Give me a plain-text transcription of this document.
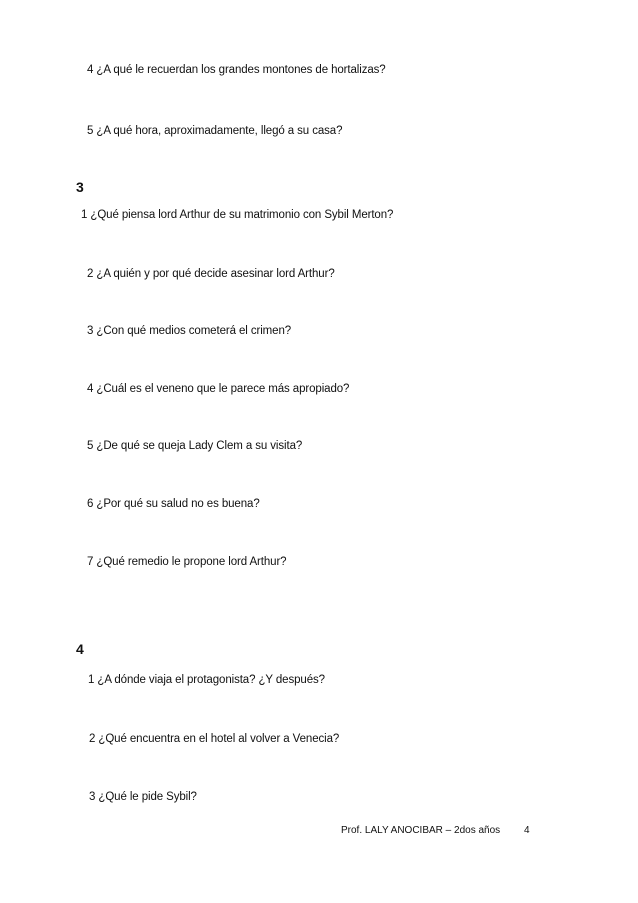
4 ¿A qué le recuerdan los grandes montones de hortalizas?
5 ¿A qué hora, aproximadamente, llegó a su casa?
3
1 ¿Qué piensa lord Arthur de su matrimonio con Sybil Merton?
2 ¿A quién y por qué decide asesinar lord Arthur?
3 ¿Con qué medios cometerá el crimen?
4 ¿Cuál es el veneno que le parece más apropiado?
5 ¿De qué se queja Lady Clem a su visita?
6 ¿Por qué su salud no es buena?
7 ¿Qué remedio le propone lord Arthur?
4
1 ¿A dónde viaja el protagonista? ¿Y después?
2 ¿Qué encuentra en el hotel al volver a Venecia?
3 ¿Qué le pide Sybil?
Prof. LALY ANOCIBAR – 2dos años 4
